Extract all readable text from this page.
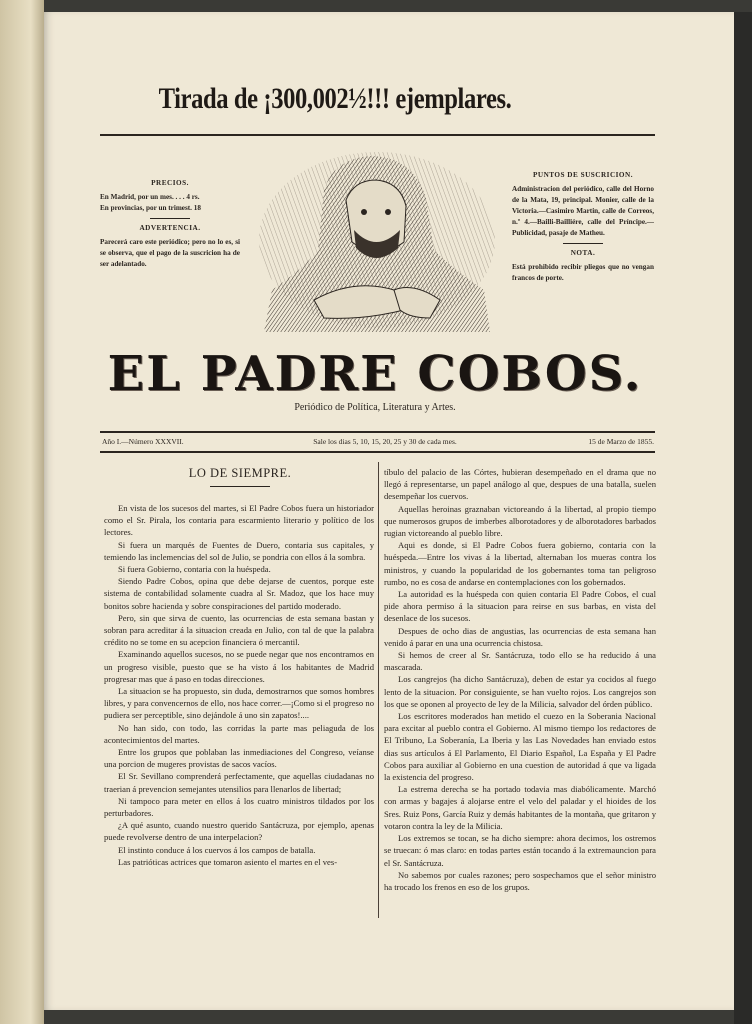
Tirada de ¡300,002½!!! ejemplares.
PRECIOS.
En Madrid, por un mes. . . . 4 rs.
En provincias, por un trimest. 18
ADVERTENCIA.
Parecerá caro este periódico; pero no lo es, si se observa, que el pago de la suscricion ha de ser adelantado.
PUNTOS DE SUSCRICION.
Administracion del periódico, calle del Horno de la Mata, 19, principal. Monier, calle de la Victoria.—Casimiro Martin, calle de Correos, n.º 4.—Bailli-Bailliére, calle del Príncipe.—Publicidad, pasaje de Matheu.
NOTA.
Está prohibido recibir pliegos que no vengan francos de porte.
EL PADRE COBOS.
Periódico de Política, Literatura y Artes.
Año I.—Número XXXVII.	Sale los dias 5, 10, 15, 20, 25 y 30 de cada mes.	15 de Marzo de 1855.
LO DE SIEMPRE.

En vista de los sucesos del martes, si El Padre Cobos fuera un historiador como el Sr. Pirala, los contaria para escarmiento literario y político de los lectores.

Si fuera un marqués de Fuentes de Duero, contaria sus capitales, y temiendo las inclemencias del sol de Julio, se pondria con ellos á la sombra.

Si fuera Gobierno, contaria con la huéspeda.

Siendo Padre Cobos, opina que debe dejarse de cuentos, porque este sistema de contabilidad solamente cuadra al Sr. Madoz, que los hace muy bonitos sobre hacienda y sobre conspiraciones del partido moderado.

Pero, sin que sirva de cuento, las ocurrencias de esta semana bastan y sobran para acreditar á la situacion creada en Julio, con tal de que la palabra crédito no se tome en su acepcion financiera ó mercantil.

Examinando aquellos sucesos, no se puede negar que nos encontramos en un progreso visible, puesto que se ha visto á los habitantes de Madrid progresar mas que á paso en todas direcciones.

La situacion se ha propuesto, sin duda, demostrarnos que somos hombres libres, y para convencernos de ello, nos hace correr.—¡Como si el progreso no pudiera ser perceptible, sino dejándole á uno sin zapatos!....

No han sido, con todo, las corridas la parte mas peliaguda de los acontecimientos del martes.

Entre los grupos que poblaban las inmediaciones del Congreso, veíanse una porcion de mugeres provistas de sacos vacíos.

El Sr. Sevillano comprenderá perfectamente, que aquellas ciudadanas no traerian á prevencion semejantes utensilios para llenarlos de libertad;

Ni tampoco para meter en ellos á los cuatro ministros tildados por los perturbadores.

¿A qué asunto, cuando nuestro querido Santácruza, por ejemplo, apenas puede revolverse dentro de una interpelacion?

El instinto conduce á los cuervos á los campos de batalla.

Las patrióticas actrices que tomaron asiento el martes en el ves-

tíbulo del palacio de las Córtes, hubieran desempeñado en el drama que no llegó á representarse, un papel análogo al que, despues de una batalla, suelen desempeñar los cuervos.

Aquellas heroinas graznaban victoreando á la libertad, al propio tiempo que numerosos grupos de imberbes alborotadores y de alborotadores barbados rugian victoreando al pueblo libre.

Aqui es donde, si El Padre Cobos fuera gobierno, contaria con la huéspeda.—Entre los vivas á la libertad, alternaban los mueras contra los ministros, y cuando la popularidad de los gobernantes toma tan peligroso rumbo, no es cosa de andarse en contemplaciones con los gobernados.

La autoridad es la huéspeda con quien contaria El Padre Cobos, el cual pide ahora permiso á la situacion para reirse en sus barbas, en vista del desenlace de los sucesos.

Despues de ocho dias de angustias, las ocurrencias de esta semana han venido á parar en una una ocurrencia chistosa.

Si hemos de creer al Sr. Santácruza, todo ello se ha reducido á una mascarada.

Los cangrejos (ha dicho Santácruza), deben de estar ya cocidos al fuego lento de la situacion. Por consiguiente, se han vuelto rojos. Los cangrejos son los que se oponen al proyecto de ley de la Milicia, salvador del órden público.

Los escritores moderados han metido el cuezo en la Soberania Nacional para excitar al pueblo contra el Gobierno. Al mismo tiempo los redactores de El Tribuno, La Soberanía, La Iberia y las Las Novedades han enviado estos dias sus artículos á El Parlamento, El Diario Español, La España y El Padre Cobos para auxiliar al Gobierno en una cuestion de autoridad á que va ligada la existencia del progreso.

La estrema derecha se ha portado todavia mas diabólicamente. Marchó con armas y bagajes á alojarse entre el velo del paladar y el hioides de los Sres. Ruiz Pons, García Ruiz y demás habitantes de la montaña, que gritaron y votaron contra la ley de la Milicia.

Los extremos se tocan, se ha dicho siempre: ahora decimos, los ostremos se truecan: ó mas claro: en todas partes están tocando á la extremauncion para el Sr. Santácruza.

No sabemos por cuales razones; pero sospechamos que el señor ministro ha trocado los frenos en eso de los grupos.
